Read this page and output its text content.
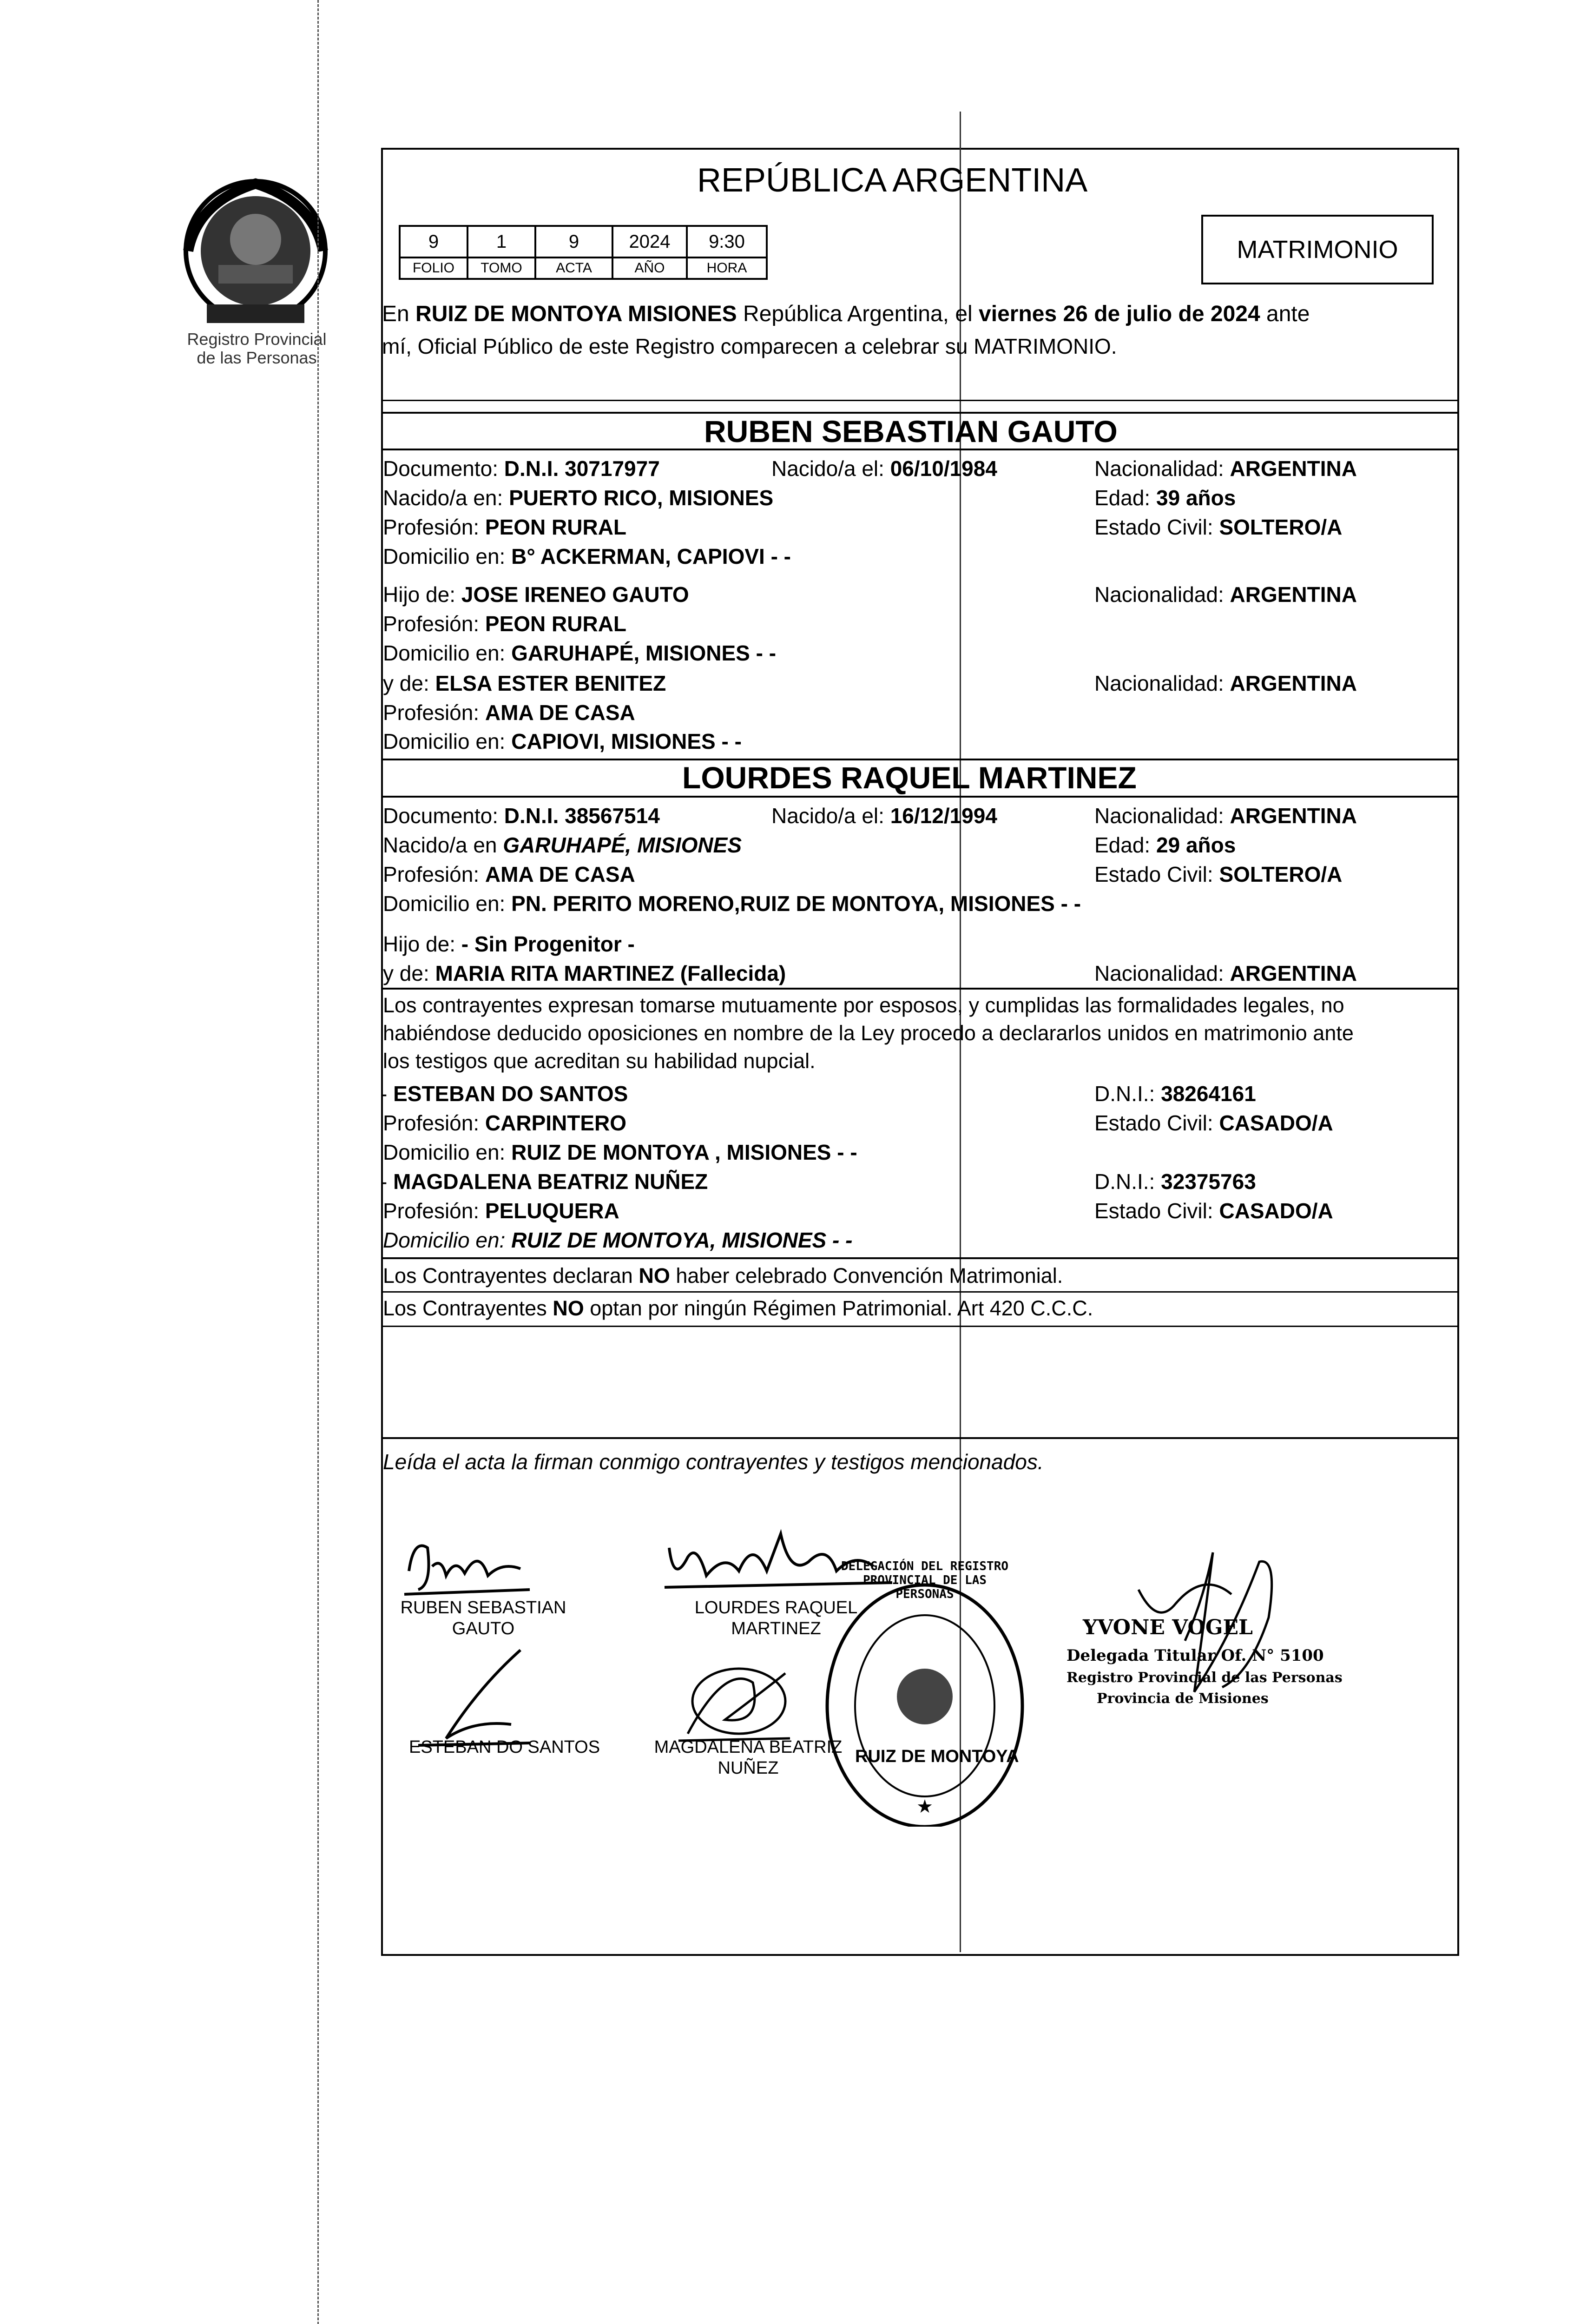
Registro Provincial
de las Personas
REPÚBLICA ARGENTINA
9	1	9	2024	9:30
FOLIO	TOMO	ACTA	AÑO	HORA
MATRIMONIO
En RUIZ DE MONTOYA MISIONES República Argentina, el viernes 26 de julio de 2024 ante
mí, Oficial Público de este Registro comparecen a celebrar su MATRIMONIO.
RUBEN SEBASTIAN GAUTO
Documento: D.N.I. 30717977	Nacido/a el: 06/10/1984	Nacionalidad: ARGENTINA
Nacido/a en: PUERTO RICO, MISIONES	Edad: 39 años
Profesión: PEON RURAL	Estado Civil: SOLTERO/A
Domicilio en: B° ACKERMAN, CAPIOVI - -
Hijo de: JOSE IRENEO GAUTO	Nacionalidad: ARGENTINA
Profesión: PEON RURAL
Domicilio en: GARUHAPÉ, MISIONES - -
y de: ELSA ESTER BENITEZ	Nacionalidad: ARGENTINA
Profesión: AMA DE CASA
Domicilio en: CAPIOVI, MISIONES - -
LOURDES RAQUEL MARTINEZ
Documento: D.N.I. 38567514	Nacido/a el: 16/12/1994	Nacionalidad: ARGENTINA
Nacido/a en GARUHAPÉ, MISIONES	Edad: 29 años
Profesión: AMA DE CASA	Estado Civil: SOLTERO/A
Domicilio en: PN. PERITO MORENO,RUIZ DE MONTOYA, MISIONES - -
Hijo de: - Sin Progenitor -
y de: MARIA RITA MARTINEZ (Fallecida)	Nacionalidad: ARGENTINA
Los contrayentes expresan tomarse mutuamente por esposos, y cumplidas las formalidades legales, no
habiéndose deducido oposiciones en nombre de la Ley procedo a declararlos unidos en matrimonio ante
los testigos que acreditan su habilidad nupcial.
- ESTEBAN DO SANTOS	D.N.I.: 38264161
Profesión: CARPINTERO	Estado Civil: CASADO/A
Domicilio en: RUIZ DE MONTOYA , MISIONES - -
- MAGDALENA BEATRIZ NUÑEZ	D.N.I.: 32375763
Profesión: PELUQUERA	Estado Civil: CASADO/A
Domicilio en: RUIZ DE MONTOYA, MISIONES - -
Los Contrayentes declaran NO haber celebrado Convención Matrimonial.
Los Contrayentes NO optan por ningún Régimen Patrimonial. Art 420 C.C.C.
Leída el acta la firman conmigo contrayentes y testigos mencionados.
RUBEN SEBASTIAN
GAUTO
LOURDES RAQUEL
MARTINEZ
ESTEBAN DO SANTOS	MAGDALENA BEATRIZ
NUÑEZ
★
DELEGACIÓN DEL REGISTRO PROVINCIAL DE LAS PERSONAS
RUIZ DE MONTOYA
YVONE VOGEL
Delegada Titular Of. N° 5100
Registro Provincial de las Personas
Provincia de Misiones
